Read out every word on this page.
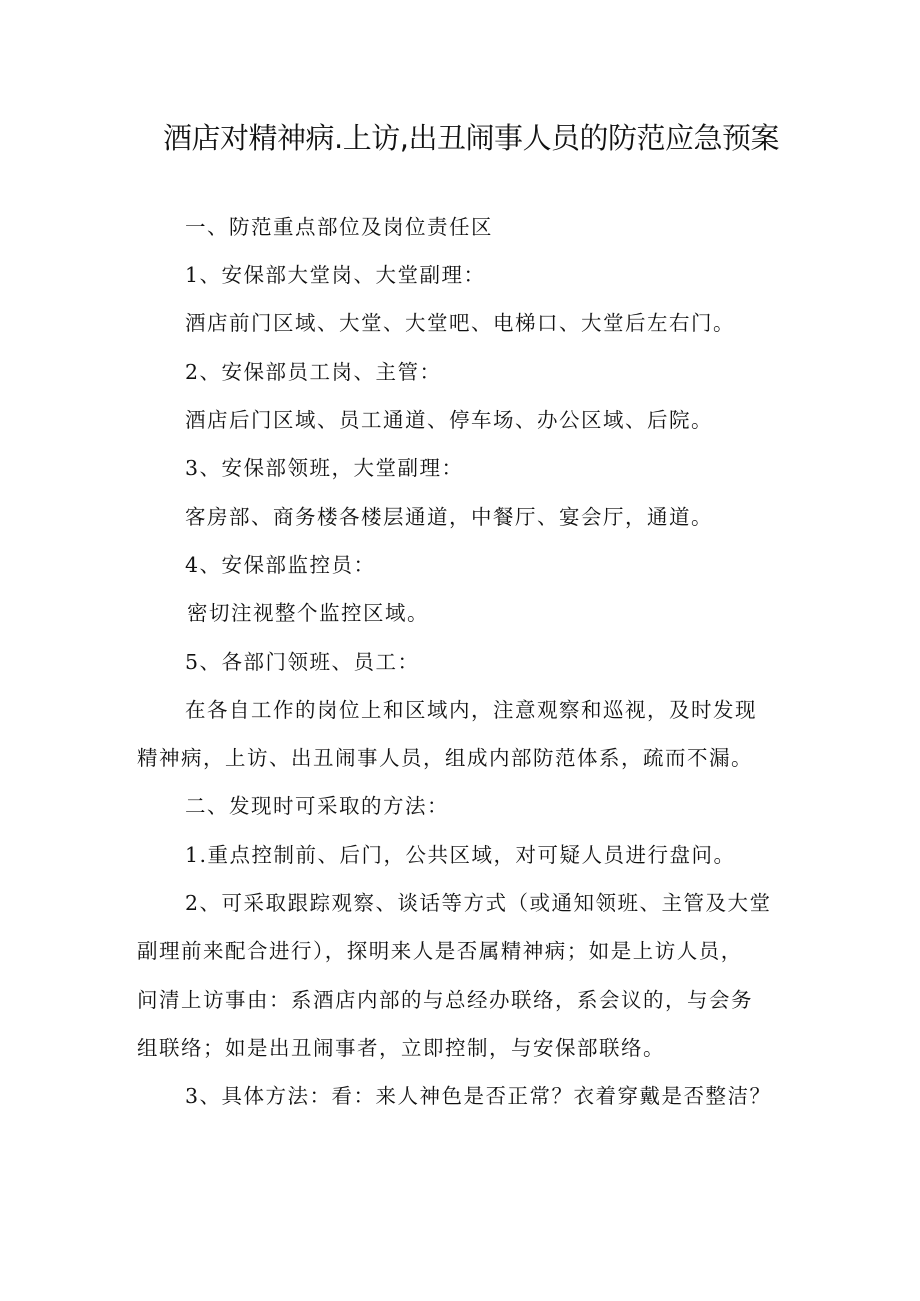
酒店对精神病.上访,出丑闹事人员的防范应急预案

一、防范重点部位及岗位责任区

1、安保部大堂岗、大堂副理：

酒店前门区域、大堂、大堂吧、电梯口、大堂后左右门。

2、安保部员工岗、主管：

酒店后门区域、员工通道、停车场、办公区域、后院。

3、安保部领班，大堂副理：

客房部、商务楼各楼层通道，中餐厅、宴会厅，通道。

4、安保部监控员：

密切注视整个监控区域。

5、各部门领班、员工：

在各自工作的岗位上和区域内，注意观察和巡视，及时发现

精神病，上访、出丑闹事人员，组成内部防范体系，疏而不漏。

二、发现时可采取的方法：

1.重点控制前、后门，公共区域，对可疑人员进行盘问。

2、可采取跟踪观察、谈话等方式（或通知领班、主管及大堂

副理前来配合进行），探明来人是否属精神病；如是上访人员，

问清上访事由：系酒店内部的与总经办联络，系会议的，与会务

组联络；如是出丑闹事者，立即控制，与安保部联络。

3、具体方法：看：来人神色是否正常？衣着穿戴是否整洁？
